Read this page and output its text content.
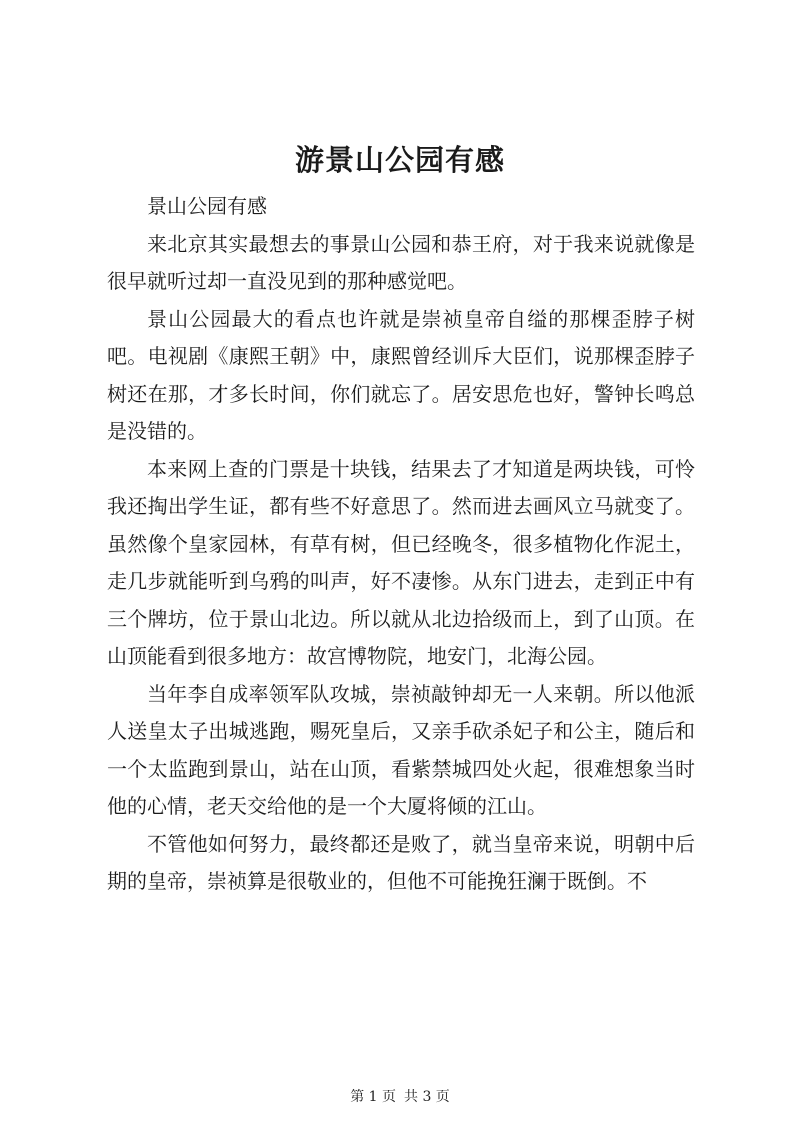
游景山公园有感

景山公园有感

来北京其实最想去的事景山公园和恭王府，对于我来说就像是很早就听过却一直没见到的那种感觉吧。

景山公园最大的看点也许就是崇祯皇帝自缢的那棵歪脖子树吧。电视剧《康熙王朝》中，康熙曾经训斥大臣们，说那棵歪脖子树还在那，才多长时间，你们就忘了。居安思危也好，警钟长鸣总是没错的。

本来网上查的门票是十块钱，结果去了才知道是两块钱，可怜我还掏出学生证，都有些不好意思了。然而进去画风立马就变了。虽然像个皇家园林，有草有树，但已经晚冬，很多植物化作泥土，走几步就能听到乌鸦的叫声，好不凄惨。从东门进去，走到正中有三个牌坊，位于景山北边。所以就从北边拾级而上，到了山顶。在山顶能看到很多地方：故宫博物院，地安门，北海公园。

当年李自成率领军队攻城，崇祯敲钟却无一人来朝。所以他派人送皇太子出城逃跑，赐死皇后，又亲手砍杀妃子和公主，随后和一个太监跑到景山，站在山顶，看紫禁城四处火起，很难想象当时他的心情，老天交给他的是一个大厦将倾的江山。

不管他如何努力，最终都还是败了，就当皇帝来说，明朝中后期的皇帝，崇祯算是很敬业的，但他不可能挽狂澜于既倒。不

第 1 页 共 3 页
